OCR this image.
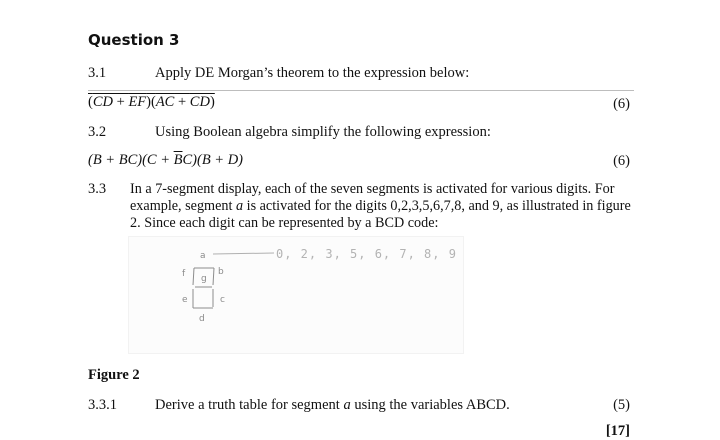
Question 3
3.1	Apply DE Morgan’s theorem to the expression below:
(CD + EF)(AC + CD)	(6)
3.2	Using Boolean algebra simplify the following expression:
$(B + BC)(C + \overline{B}C)(B + D)$	(6)
3.3 In a 7-segment display, each of the seven segments is activated for various digits. For example, segment a is activated for the digits 0,2,3,5,6,7,8, and 9, as illustrated in figure 2. Since each digit can be represented by a BCD code:
a
b
c
d
e
f g
0, 2, 3, 5, 6, 7, 8, 9
Figure 2
3.3.1	Derive a truth table for segment a using the variables ABCD.	(5)
[17]
